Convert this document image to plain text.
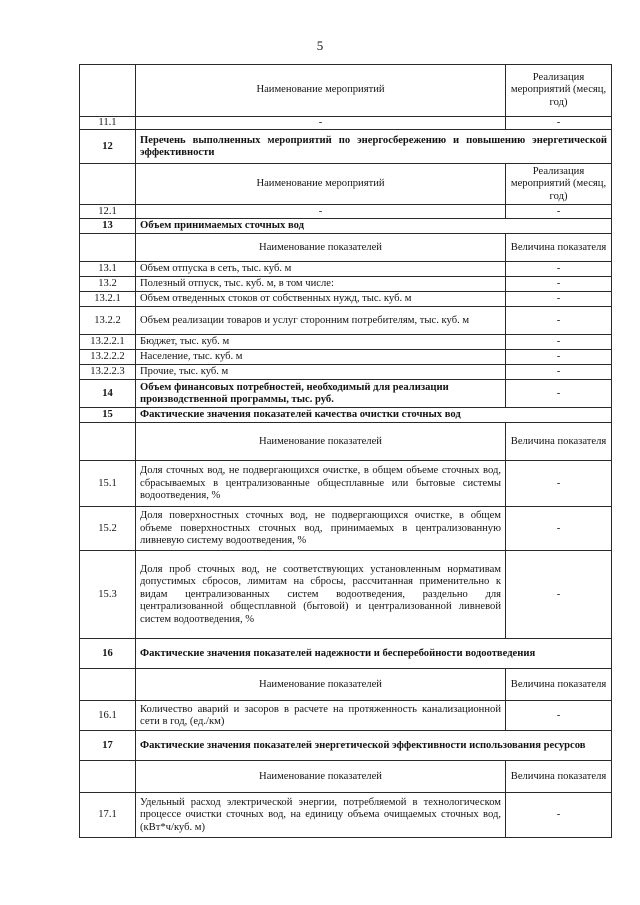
5
	Наименование мероприятий	Реализация мероприятий (месяц, год)
11.1	-	-
12	Перечень выполненных мероприятий по энергосбережению и повышению энергетической эффективности	
	Наименование мероприятий	Реализация мероприятий (месяц, год)
12.1	-	-
13	Объем принимаемых сточных вод	
	Наименование показателей	Величина показателя
13.1	Объем отпуска в сеть, тыс. куб. м	-
13.2	Полезный отпуск, тыс. куб. м, в том числе:	-
13.2.1	Объем отведенных стоков от собственных нужд, тыс. куб. м	-
13.2.2	Объем реализации товаров и услуг сторонним потребителям, тыс. куб. м	-
13.2.2.1	Бюджет, тыс. куб. м	-
13.2.2.2	Население, тыс. куб. м	-
13.2.2.3	Прочие, тыс. куб. м	-
14	Объем финансовых потребностей, необходимый для реализации производственной программы, тыс. руб.	-
15	Фактические значения показателей качества очистки сточных вод	
	Наименование показателей	Величина показателя
15.1	Доля сточных вод, не подвергающихся очистке, в общем объеме сточных вод, сбрасываемых в централизованные общесплавные или бытовые системы водоотведения, %	-
15.2	Доля поверхностных сточных вод, не подвергающихся очистке, в общем объеме поверхностных сточных вод, принимаемых в централизованную ливневую систему водоотведения, %	-
15.3	Доля проб сточных вод, не соответствующих установленным нормативам допустимых сбросов, лимитам на сбросы, рассчитанная применительно к видам централизованных систем водоотведения, раздельно для централизованной общесплавной (бытовой) и централизованной ливневой систем водоотведения, %	-
16	Фактические значения показателей надежности и бесперебойности водоотведения	
	Наименование показателей	Величина показателя
16.1	Количество аварий и засоров в расчете на протяженность канализационной сети в год, (ед./км)	-
17	Фактические значения показателей энергетической эффективности использования ресурсов	
	Наименование показателей	Величина показателя
17.1	Удельный расход электрической энергии, потребляемой в технологическом процессе очистки сточных вод, на единицу объема очищаемых сточных вод, (кВт*ч/куб. м)	-
